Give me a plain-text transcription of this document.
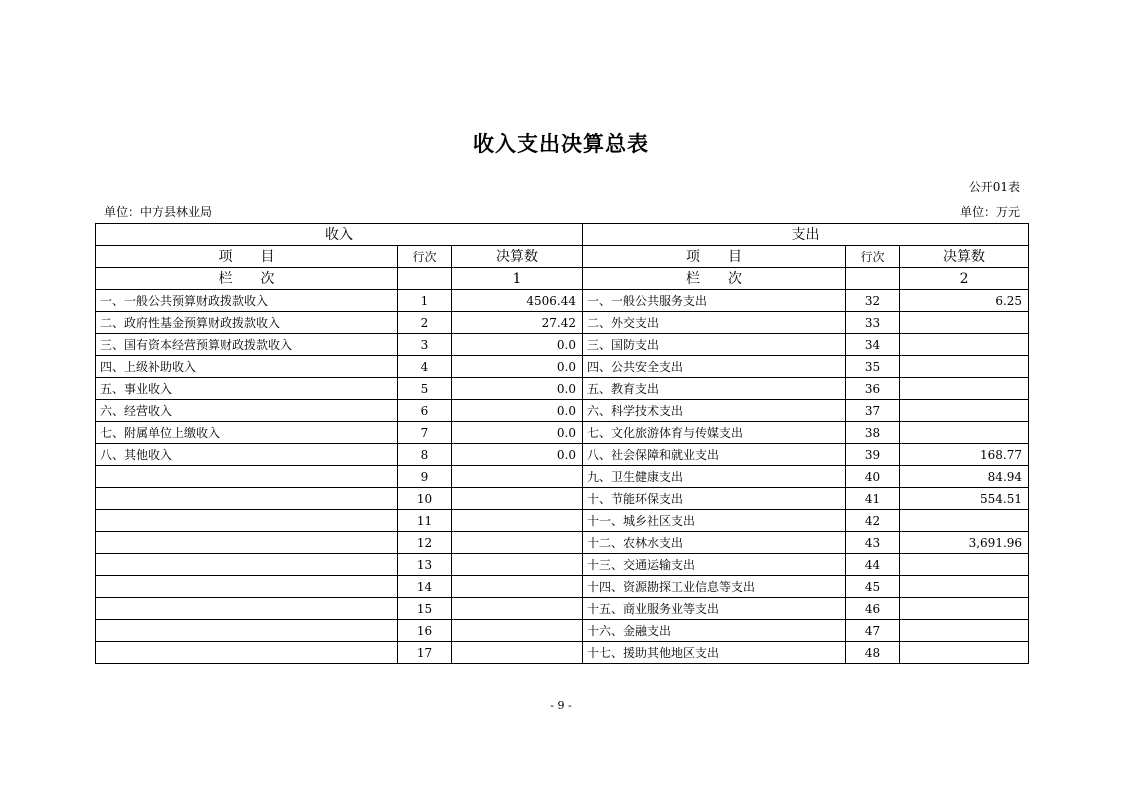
收入支出决算总表
公开01表
单位：中方县林业局	单位：万元
收入			支出		
项　　目	行次	决算数	项　　目	行次	决算数
栏　　次		1	栏　　次		2
一、一般公共预算财政拨款收入	1	4506.44	一、一般公共服务支出	32	6.25
二、政府性基金预算财政拨款收入	2	27.42	二、外交支出	33	
三、国有资本经营预算财政拨款收入	3	0.0	三、国防支出	34	
四、上级补助收入	4	0.0	四、公共安全支出	35	
五、事业收入	5	0.0	五、教育支出	36	
六、经营收入	6	0.0	六、科学技术支出	37	
七、附属单位上缴收入	7	0.0	七、文化旅游体育与传媒支出	38	
八、其他收入	8	0.0	八、社会保障和就业支出	39	168.77
	9		九、卫生健康支出	40	84.94
	10		十、节能环保支出	41	554.51
	11		十一、城乡社区支出	42	
	12		十二、农林水支出	43	3,691.96
	13		十三、交通运输支出	44	
	14		十四、资源勘探工业信息等支出	45	
	15		十五、商业服务业等支出	46	
	16		十六、金融支出	47	
	17		十七、援助其他地区支出	48	
- 9 -
